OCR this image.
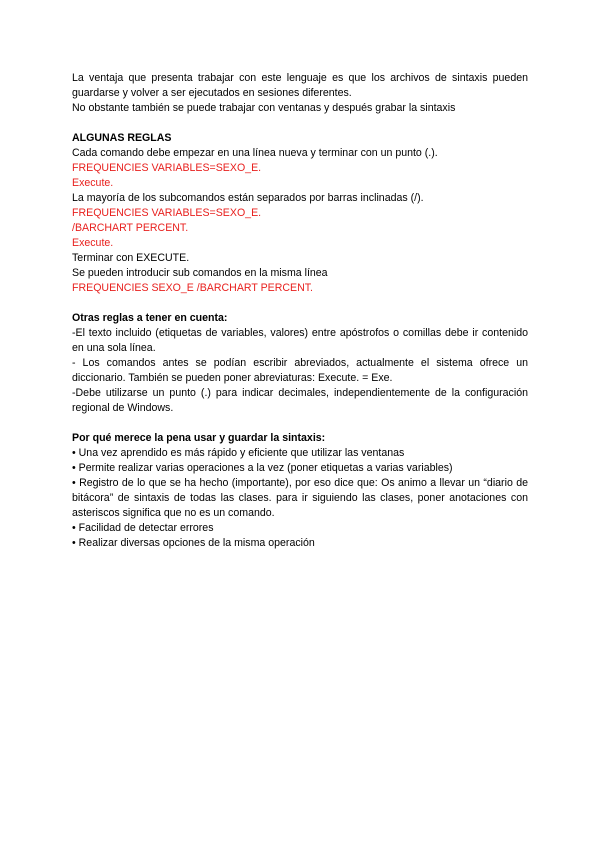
La ventaja que presenta trabajar con este lenguaje es que los archivos de sintaxis pueden guardarse y volver a ser ejecutados en sesiones diferentes.

No obstante también se puede trabajar con ventanas y después grabar la sintaxis

ALGUNAS REGLAS

Cada comando debe empezar en una línea nueva y terminar con un punto (.).

FREQUENCIES VARIABLES=SEXO_E.

Execute.

La mayoría de los subcomandos están separados por barras inclinadas (/).

FREQUENCIES VARIABLES=SEXO_E.

/BARCHART PERCENT.

Execute.

Terminar con EXECUTE.

Se pueden introducir sub comandos en la misma línea

FREQUENCIES SEXO_E /BARCHART PERCENT.

Otras reglas a tener en cuenta:

-El texto incluido (etiquetas de variables, valores) entre apóstrofos o comillas debe ir contenido en una sola línea.

- Los comandos antes se podían escribir abreviados, actualmente el sistema ofrece un diccionario. También se pueden poner abreviaturas: Execute. = Exe.

-Debe utilizarse un punto (.) para indicar decimales, independientemente de la configuración regional de Windows.

Por qué merece la pena usar y guardar la sintaxis:

• Una vez aprendido es más rápido y eficiente que utilizar las ventanas

• Permite realizar varias operaciones a la vez (poner etiquetas a varias variables)

• Registro de lo que se ha hecho (importante), por eso dice que: Os animo a llevar un “diario de bitácora” de sintaxis de todas las clases. para ir siguiendo las clases, poner anotaciones con asteriscos significa que no es un comando.

• Facilidad de detectar errores

• Realizar diversas opciones de la misma operación
